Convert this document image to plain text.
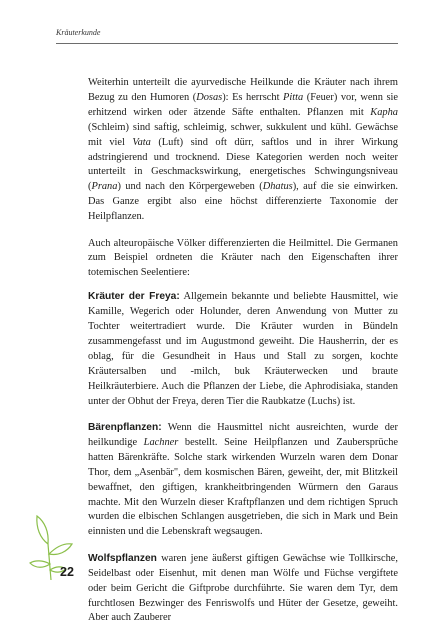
Kräuterkunde

Weiterhin unterteilt die ayurvedische Heilkunde die Kräuter nach ihrem Bezug zu den Humoren (Dosas): Es herrscht Pitta (Feuer) vor, wenn sie erhitzend wirken oder ätzende Säfte enthalten. Pflanzen mit Kapha (Schleim) sind saftig, schleimig, schwer, sukkulent und kühl. Gewächse mit viel Vata (Luft) sind oft dürr, saftlos und in ihrer Wirkung adstringierend und trocknend. Diese Kategorien werden noch weiter unterteilt in Geschmackswirkung, energetisches Schwingungsniveau (Prana) und nach den Körpergeweben (Dhatus), auf die sie einwirken. Das Ganze ergibt also eine höchst differenzierte Taxonomie der Heilpflanzen.

Auch alteuropäische Völker differenzierten die Heilmittel. Die Germanen zum Beispiel ordneten die Kräuter nach den Eigenschaften ihrer totemischen Seelentiere:

Kräuter der Freya: Allgemein bekannte und beliebte Hausmittel, wie Kamille, Wegerich oder Holunder, deren Anwendung von Mutter zu Tochter weitertradiert wurde. Die Kräuter wurden in Bündeln zusammengefasst und im Augustmond geweiht. Die Hausherrin, der es oblag, für die Gesundheit in Haus und Stall zu sorgen, kochte Kräutersalben und -milch, buk Kräuterwecken und braute Heilkräuterbiere. Auch die Pflanzen der Liebe, die Aphrodisiaka, standen unter der Obhut der Freya, deren Tier die Raubkatze (Luchs) ist.

Bärenpflanzen: Wenn die Hausmittel nicht ausreichten, wurde der heilkundige Lachner bestellt. Seine Heilpflanzen und Zaubersprüche hatten Bärenkräfte. Solche stark wirkenden Wurzeln waren dem Donar Thor, dem „Asenbär", dem kosmischen Bären, geweiht, der, mit Blitzkeil bewaffnet, den giftigen, krankheitbringenden Würmern den Garaus machte. Mit den Wurzeln dieser Kraftpflanzen und dem richtigen Spruch wurden die elbischen Schlangen ausgetrieben, die sich in Mark und Bein einnisten und die Lebenskraft wegsaugen.

Wolfspflanzen waren jene äußerst giftigen Gewächse wie Tollkirsche, Seidelbast oder Eisenhut, mit denen man Wölfe und Füchse vergiftete oder beim Gericht die Giftprobe durchführte. Sie waren dem Tyr, dem furchtlosen Bezwinger des Fenriswolfs und Hüter der Gesetze, geweiht. Aber auch Zauberer

22
